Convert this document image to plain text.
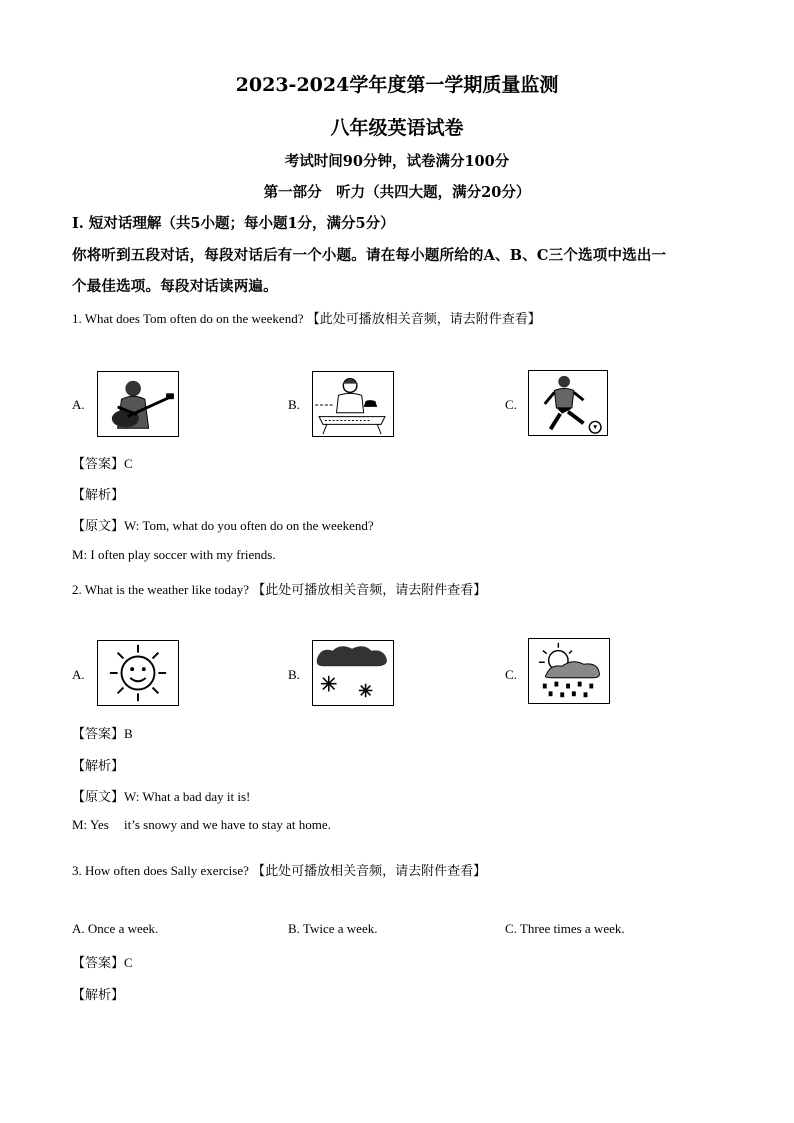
2023-2024学年度第一学期质量监测
八年级英语试卷
考试时间90分钟，试卷满分100分
第一部分　听力（共四大题，满分20分）
I. 短对话理解（共5小题；每小题1分，满分5分）
你将听到五段对话，每段对话后有一个小题。请在每小题所给的A、B、C三个选项中选出一
个最佳选项。每段对话读两遍。
1. What does Tom often do on the weekend? 【此处可播放相关音频，请去附件查看】
A.	B.	C.
【答案】C
【解析】
【原文】W: Tom, what do you often do on the weekend?
M: I often play soccer with my friends.
2. What is the weather like today? 【此处可播放相关音频，请去附件查看】
A.	B.	C.
【答案】B
【解析】
【原文】W: What a bad day it is!
M: Yes it’s snowy and we have to stay at home.
3. How often does Sally exercise? 【此处可播放相关音频，请去附件查看】
A. Once a week.	B. Twice a week.	C. Three times a week.
【答案】C
【解析】
